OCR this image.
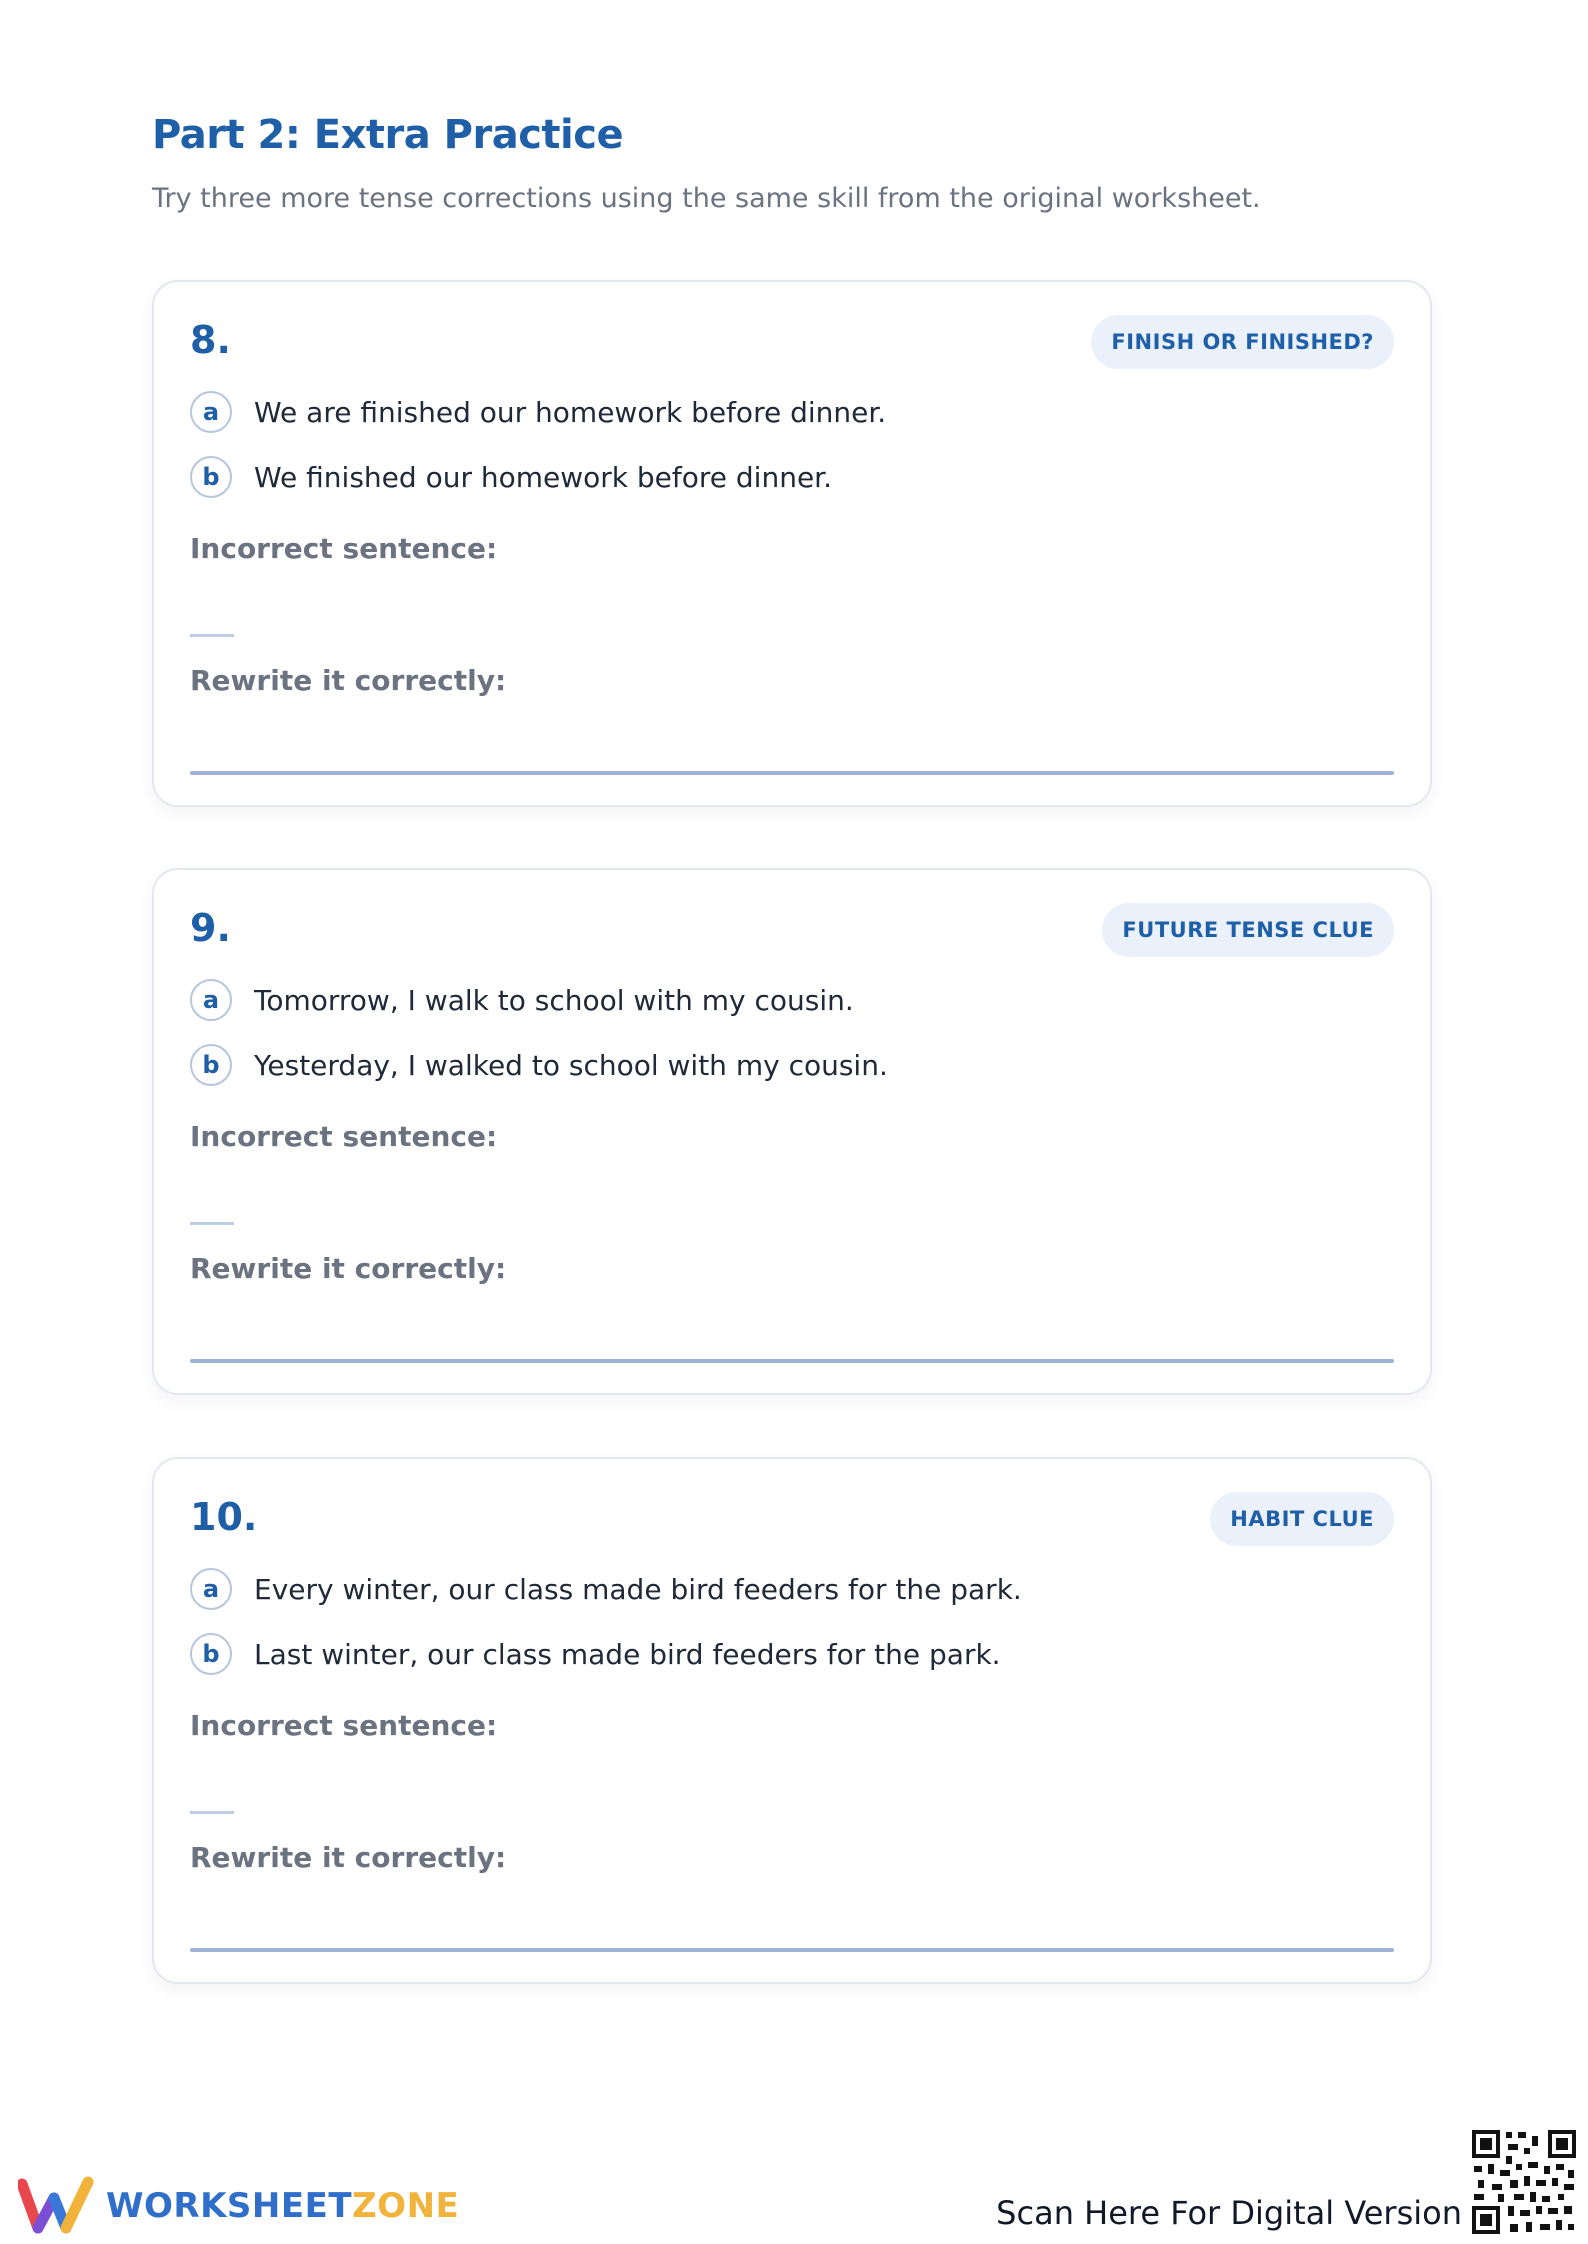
Part 2: Extra Practice

Try three more tense corrections using the same skill from the original worksheet.

8.	FINISH OR FINISHED?
a	We are finished our homework before dinner.
b	We finished our homework before dinner.
Incorrect sentence:
Rewrite it correctly:
9.	FUTURE TENSE CLUE
a	Tomorrow, I walk to school with my cousin.
b	Yesterday, I walked to school with my cousin.
Incorrect sentence:
Rewrite it correctly:
10.	HABIT CLUE
a	Every winter, our class made bird feeders for the park.
b	Last winter, our class made bird feeders for the park.
Incorrect sentence:
Rewrite it correctly:
WORKSHEETZONE	Scan Here For Digital Version
